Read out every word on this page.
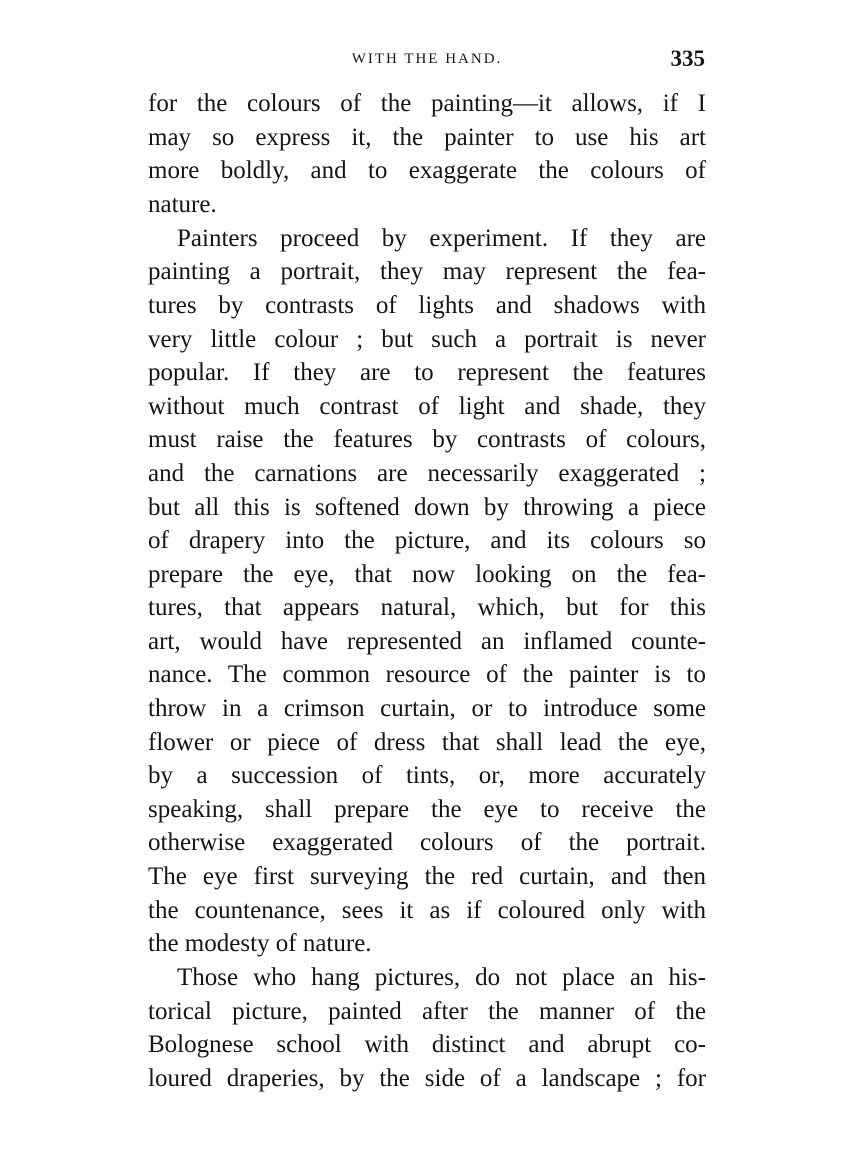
WITH THE HAND.	335
for the colours of the painting—it allows, if I
may so express it, the painter to use his art
more boldly, and to exaggerate the colours of
nature.
Painters proceed by experiment. If they are
painting a portrait, they may represent the fea-
tures by contrasts of lights and shadows with
very little colour ; but such a portrait is never
popular. If they are to represent the features
without much contrast of light and shade, they
must raise the features by contrasts of colours,
and the carnations are necessarily exaggerated ;
but all this is softened down by throwing a piece
of drapery into the picture, and its colours so
prepare the eye, that now looking on the fea-
tures, that appears natural, which, but for this
art, would have represented an inflamed counte-
nance. The common resource of the painter is to
throw in a crimson curtain, or to introduce some
flower or piece of dress that shall lead the eye,
by a succession of tints, or, more accurately
speaking, shall prepare the eye to receive the
otherwise exaggerated colours of the portrait.
The eye first surveying the red curtain, and then
the countenance, sees it as if coloured only with
the modesty of nature.
Those who hang pictures, do not place an his-
torical picture, painted after the manner of the
Bolognese school with distinct and abrupt co-
loured draperies, by the side of a landscape ; for
